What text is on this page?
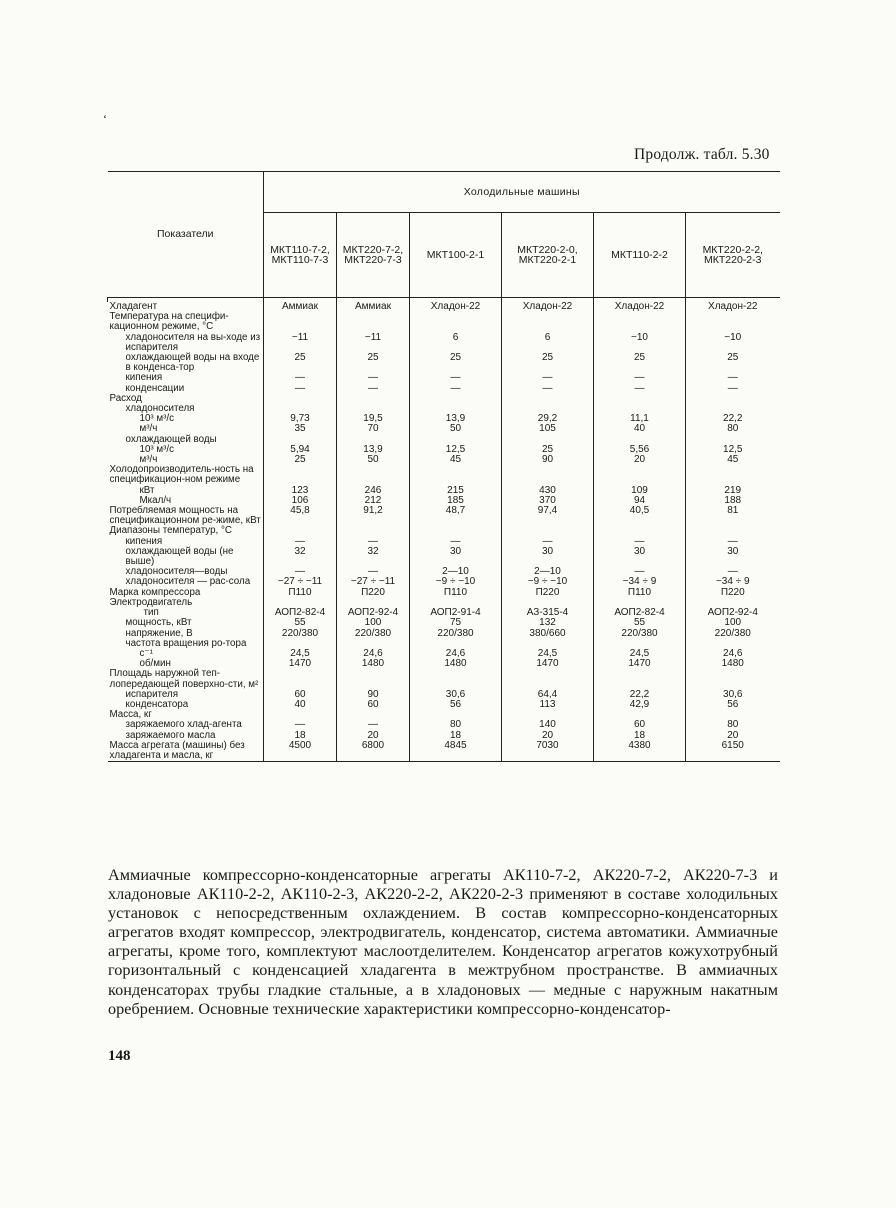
ʻ
Продолж. табл. 5.30
Показатели	Холодильные машины					
	МКТ110-7-2, МКТ110-7-3	МКТ220-7-2, МКТ220-7-3	МКТ100-2-1	МКТ220-2-0, МКТ220-2-1	МКТ110-2-2	МКТ220-2-2, МКТ220-2-3

Хладагент	Аммиак	Аммиак	Хладон-22	Хладон-22	Хладон-22	Хладон-22
Температура на специфи-кационном режиме, °С						
хладоносителя на вы-ходе из испарителя	−11	−11	6	6	−10	−10
охлаждающей воды на входе в конденса-тор	25	25	25	25	25	25
кипения	—	—	—	—	—	—
конденсации	—	—	—	—	—	—
Расход						
хладоносителя						
10³ м³/с	9,73	19,5	13,9	29,2	11,1	22,2
м³/ч	35	70	50	105	40	80
охлаждающей воды						
10³ м³/с	5,94	13,9	12,5	25	5,56	12,5
м³/ч	25	50	45	90	20	45
Холодопроизводитель-ность на спецификацион-ном режиме						
кВт	123	246	215	430	109	219
Мкал/ч	106	212	185	370	94	188
Потребляемая мощность на спецификационном ре-жиме, кВт	45,8	91,2	48,7	97,4	40,5	81
Диапазоны температур, °С						
кипения	—	—	—	—	—	—
охлаждающей воды (не выше)	32	32	30	30	30	30
хладоносителя—воды	—	—	2—10	2—10	—	—
хладоносителя — рас-сола	−27 ÷ −11	−27 ÷ −11	−9 ÷ −10	−9 ÷ −10	−34 ÷ 9	−34 ÷ 9
Марка компрессора	П110	П220	П110	П220	П110	П220
Электродвигатель						
тип	АОП2-82-4	АОП2-92-4	АОП2-91-4	АЗ-315-4	АОП2-82-4	АОП2-92-4
мощность, кВт	55	100	75	132	55	100
напряжение, В	220/380	220/380	220/380	380/660	220/380	220/380
частота вращения ро-тора						
с⁻¹	24,5	24,6	24,6	24,5	24,5	24,6
об/мин	1470	1480	1480	1470	1470	1480
Площадь наружной теп-лопередающей поверхно-сти, м²						
испарителя	60	90	30,6	64,4	22,2	30,6
конденсатора	40	60	56	113	42,9	56
Масса, кг						
заряжаемого хлад-агента	—	—	80	140	60	80
заряжаемого масла	18	20	18	20	18	20
Масса агрегата (машины) без хладагента и масла, кг	4500	6800	4845	7030	4380	6150
Аммиачные компрессорно-конденсаторные агрегаты АК110-7-2, АК220-7-2, АК220-7-3 и хладоновые АК110-2-2, АК110-2-3, АК220-2-2, АК220-2-3 применяют в составе холодильных установок с непосредственным охлаждением. В состав компрессорно-конденсаторных агрегатов входят компрессор, электродвигатель, конденсатор, система автоматики. Аммиачные агрегаты, кроме того, комплектуют маслоотделителем. Конденсатор агрегатов кожухотрубный горизонтальный с конденсацией хладагента в межтрубном пространстве. В аммиачных конденсаторах трубы гладкие стальные, а в хладоновых — медные с наружным накатным оребрением. Основные технические характеристики компрессорно-конденсатор-
148
